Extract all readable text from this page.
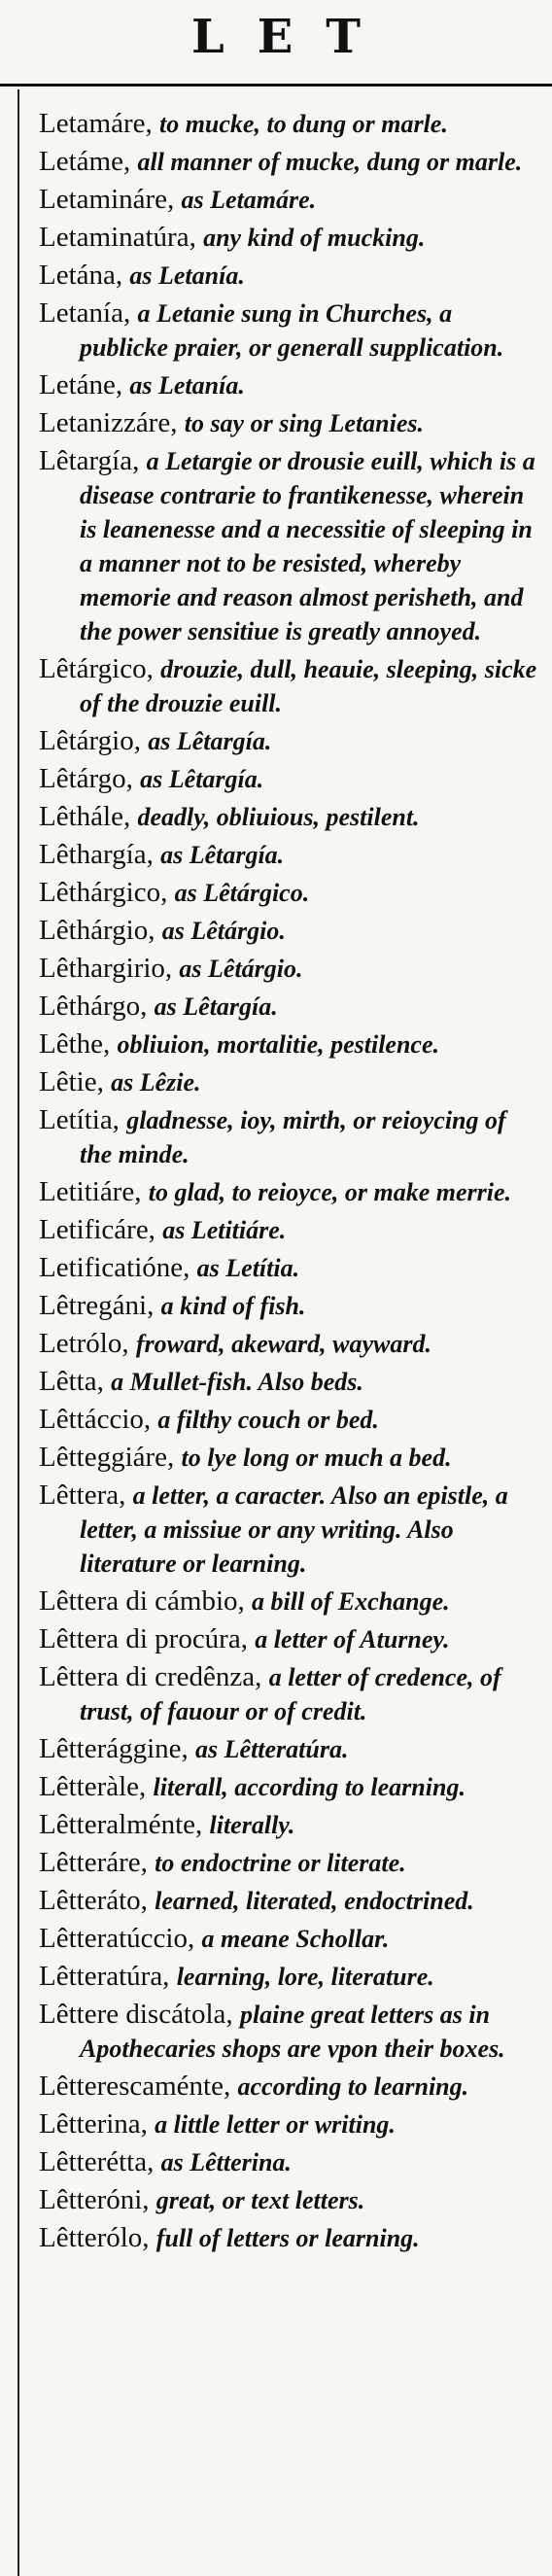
LET
Letamáre, to mucke, to dung or marle.
Letáme, all manner of mucke, dung or marle.
Letaminárе, as Letamáre.
Letaminatúra, any kind of mucking.
Letána, as Letanía.
Letanía, a Letanie sung in Churches, a publicke praier, or generall supplication.
Letáne, as Letanía.
Letanizzáre, to say or sing Letanies.
Lêtargía, a Letargie or drousie euill, which is a disease contrarie to frantikenesse, wherein is leanenesse and a necessitie of sleeping in a manner not to be resisted, whereby memorie and reason almost perisheth, and the power sensitiue is greatly annoyed.
Lêtárgico, drouzie, dull, heauie, sleeping, sicke of the drouzie euill.
Lêtárgio, as Lêtargía.
Lêtárgo, as Lêtargía.
Lêthále, deadly, obliuious, pestilent.
Lêthargía, as Lêtargía.
Lêthárgico, as Lêtárgico.
Lêthárgio, as Lêtárgio.
Lêthargirio, as Lêtárgio.
Lêthárgo, as Lêtargía.
Lêthe, obliuion, mortalitie, pestilence.
Lêtie, as Lêzie.
Letítia, gladnesse, ioy, mirth, or reioycing of the minde.
Letitiáre, to glad, to reioyce, or make merrie.
Letificáre, as Letitiáre.
Letificatióne, as Letítia.
Lêtregáni, a kind of fish.
Letrólo, froward, akeward, wayward.
Lêtta, a Mullet-fish. Also beds.
Lêttáccio, a filthy couch or bed.
Lêtteggiáre, to lye long or much a bed.
Lêttera, a letter, a caracter. Also an epistle, a letter, a missiue or any writing. Also literature or learning.
Lêttera di cámbio, a bill of Exchange.
Lêttera di procúra, a letter of Aturney.
Lêttera di credênza, a letter of credence, of trust, of fauour or of credit.
Lêtterággine, as Lêtteratúra.
Lêtteràle, literall, according to learning.
Lêtteralménte, literally.
Lêtteráre, to endoctrine or literate.
Lêtteráto, learned, literated, endoctrined.
Lêtteratúccio, a meane Schollar.
Lêtteratúra, learning, lore, literature.
Lêttere discátola, plaine great letters as in Apothecaries shops are vpon their boxes.
Lêtterescaménte, according to learning.
Lêtterina, a little letter or writing.
Lêtterétta, as Lêtterina.
Lêtteróni, great, or text letters.
Lêtterólo, full of letters or learning.
